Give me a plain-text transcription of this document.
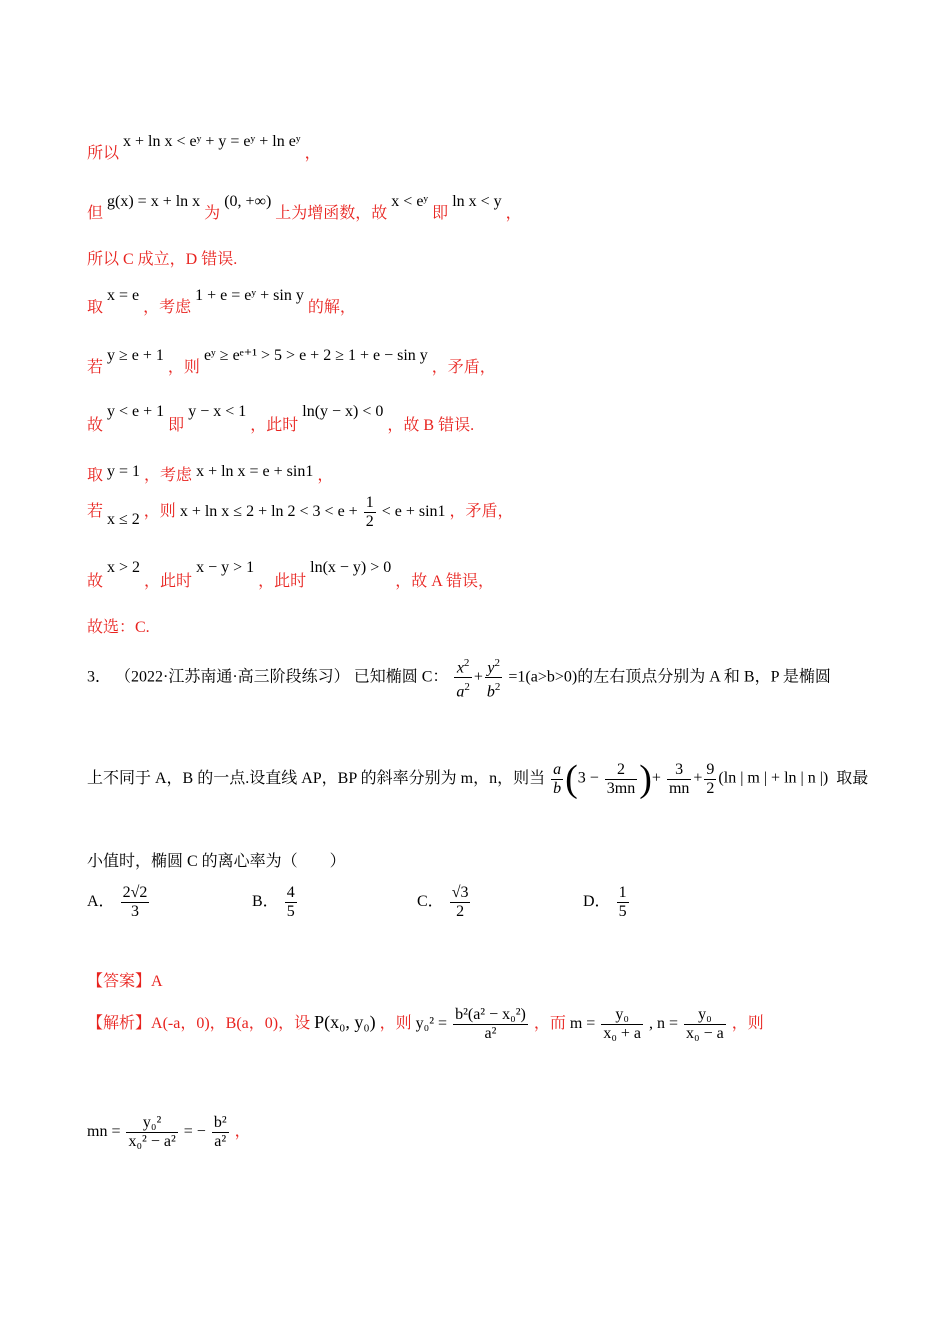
所以 x + ln x < eʸ + y = eʸ + ln eʸ ，
但 g(x) = x + ln x 为 (0, +∞) 上为增函数，故 x < eʸ 即 ln x < y ，
所以 C 成立，D 错误.
取 x = e ，考虑 1 + e = eʸ + sin y 的解，
若 y ≥ e + 1 ，则 eʸ ≥ eᵉ⁺¹ > 5 > e + 2 ≥ 1 + e − sin y ，矛盾，
故 y < e + 1 即 y − x < 1 ，此时 ln(y − x) < 0 ，故 B 错误.
取 y = 1 ，考虑 x + ln x = e + sin1 ，
若 x ≤ 2 ，则 $x + \ln x \le 2 + \ln 2 < 3 < e + \frac{1}{2} < e + \sin 1$ ，矛盾，
故 x > 2 ，此时 x − y > 1 ，此时 ln(x − y) > 0 ，故 A 错误，
故选：C.
3． （2022·江苏南通·高三阶段练习） 已知椭圆 C： $\frac{x^2}{a^2} + \frac{y^2}{b^2} =1(a>b>0)$的左右顶点分别为 A 和 B，P 是椭圆
上不同于 A，B 的一点.设直线 AP，BP 的斜率分别为 m，n，则当 $\frac{a}{b} (3 - \frac{2}{3mn}$ )+ $\frac{3}{mn} + \frac{9}{2} (\ln$ | m | + ln | n |) 取最
小值时，椭圆 C 的离心率为（　　）
A． $\frac{2√2}{3}$	B． $\frac{4}{5}$	C． $\frac{√3}{2}$	D． $\frac{1}{5}$
【答案】A
【解析】A(-a，0)，B(a，0)，设 P(x₀, y₀) ，则 $y_0^2 = \frac{\text{b²(a² − x₀²)}}{\text{a²}}$ ，而 $m = \frac{\text{y₀}}{\text{x₀ + a}}$ , $n = \frac{\text{y₀}}{\text{x₀ − a}}$ ，则
mn = $\frac{\text{y₀²}}{\text{x₀² − a²}}$ = − $\frac{\text{b²}}{\text{a²}}$ ，
